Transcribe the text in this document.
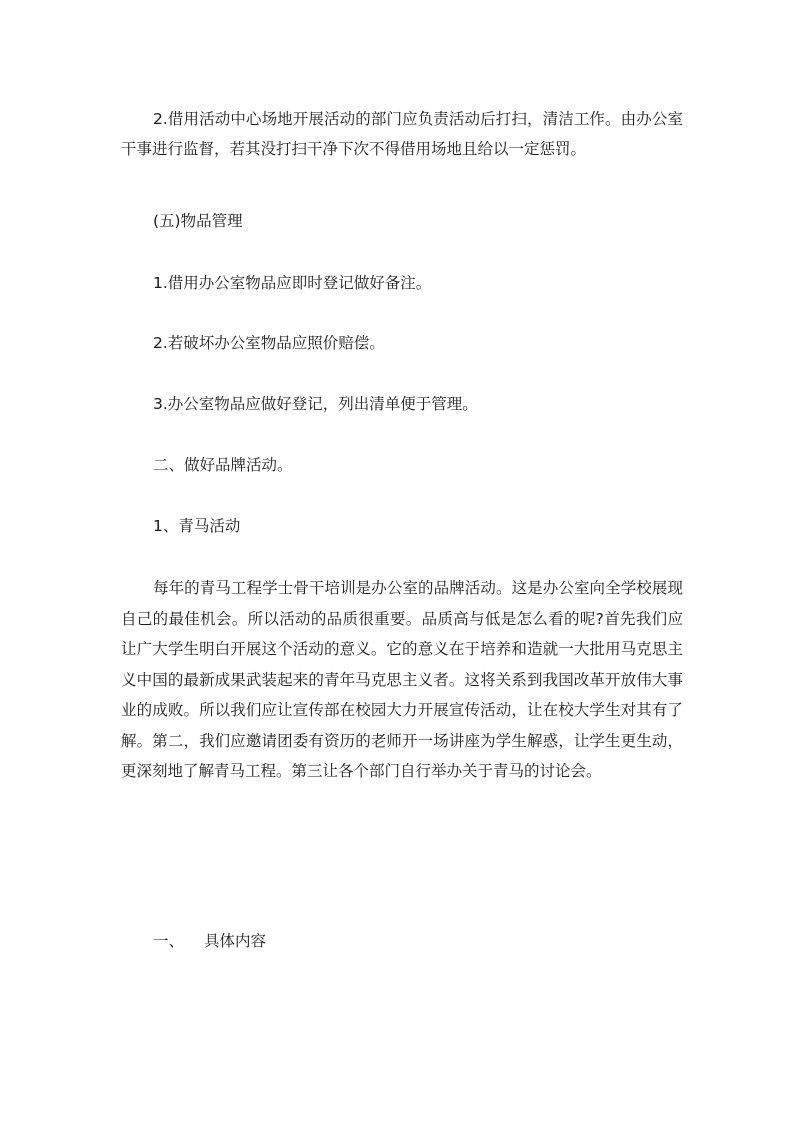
2.借用活动中心场地开展活动的部门应负责活动后打扫，清洁工作。由办公室干事进行监督，若其没打扫干净下次不得借用场地且给以一定惩罚。

(五)物品管理

1.借用办公室物品应即时登记做好备注。

2.若破坏办公室物品应照价赔偿。

3.办公室物品应做好登记，列出清单便于管理。

二、做好品牌活动。

1、青马活动

每年的青马工程学士骨干培训是办公室的品牌活动。这是办公室向全学校展现自己的最佳机会。所以活动的品质很重要。品质高与低是怎么看的呢?首先我们应让广大学生明白开展这个活动的意义。它的意义在于培养和造就一大批用马克思主义中国的最新成果武装起来的青年马克思主义者。这将关系到我国改革开放伟大事业的成败。所以我们应让宣传部在校园大力开展宣传活动，让在校大学生对其有了解。第二，我们应邀请团委有资历的老师开一场讲座为学生解惑，让学生更生动，更深刻地了解青马工程。第三让各个部门自行举办关于青马的讨论会。

一、 具体内容
